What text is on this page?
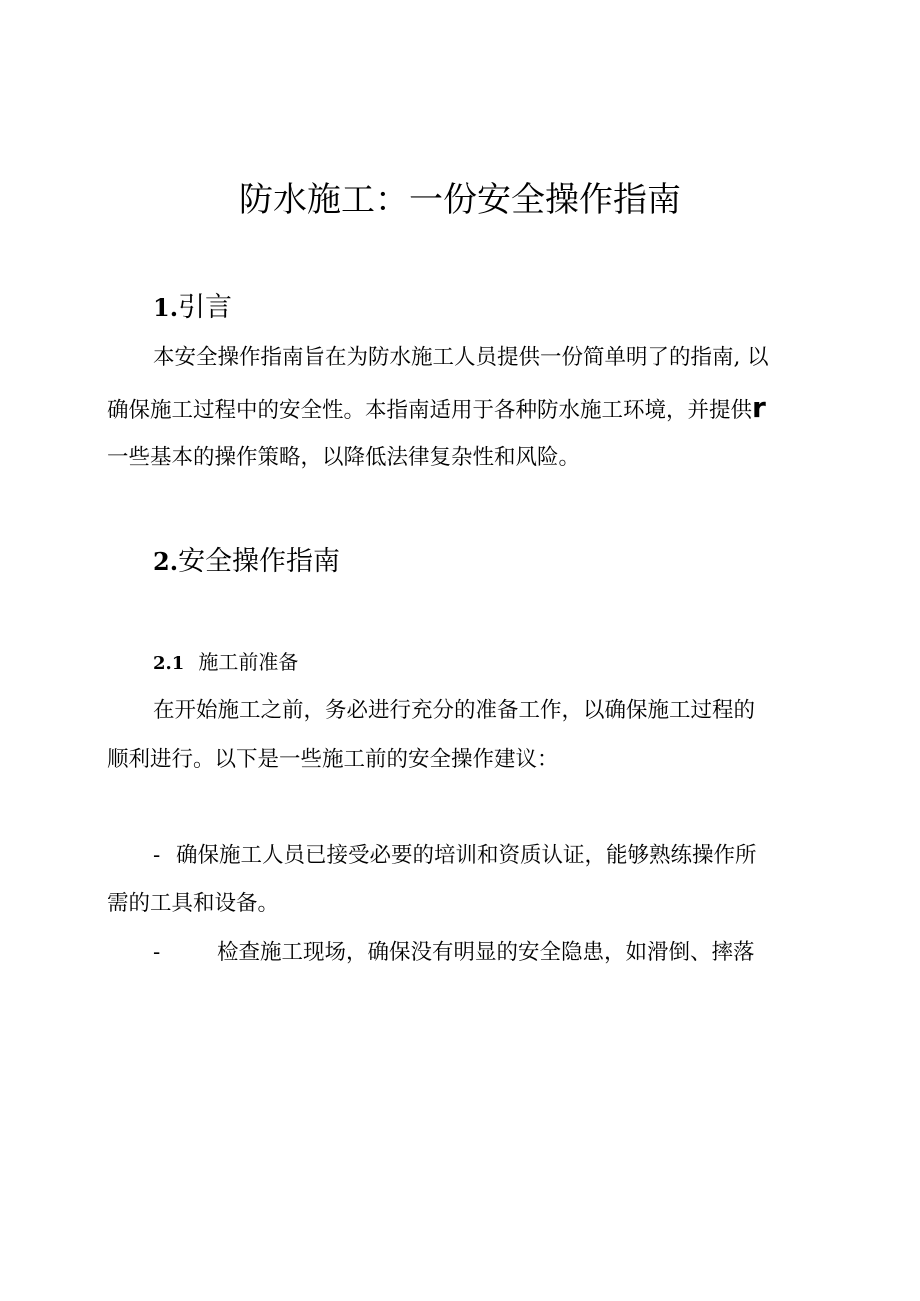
防水施工：一份安全操作指南
1.引言

本安全操作指南旨在为防水施工人员提供一份简单明了的指南, 以

确保施工过程中的安全性。本指南适用于各种防水施工环境，并提供r

一些基本的操作策略，以降低法律复杂性和风险。

2.安全操作指南
2.1 施工前准备

在开始施工之前，务必进行充分的准备工作，以确保施工过程的

顺利进行。以下是一些施工前的安全操作建议：

- 确保施工人员已接受必要的培训和资质认证，能够熟练操作所

需的工具和设备。

-	检查施工现场，确保没有明显的安全隐患，如滑倒、摔落
